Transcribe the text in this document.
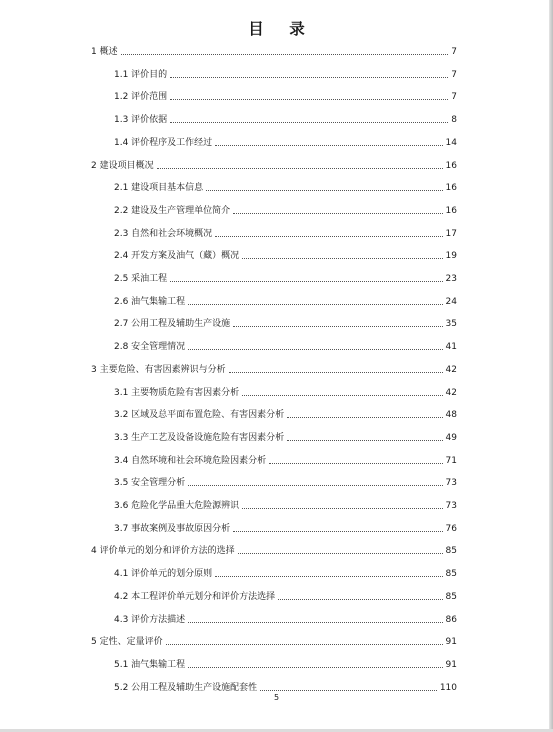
目 录
1 概述	7
1.1 评价目的	7
1.2 评价范围	7
1.3 评价依据	8
1.4 评价程序及工作经过	14
2 建设项目概况	16
2.1 建设项目基本信息	16
2.2 建设及生产管理单位简介	16
2.3 自然和社会环境概况	17
2.4 开发方案及油气（藏）概况	19
2.5 采油工程	23
2.6 油气集输工程	24
2.7 公用工程及辅助生产设施	35
2.8 安全管理情况	41
3 主要危险、有害因素辨识与分析	42
3.1 主要物质危险有害因素分析	42
3.2 区域及总平面布置危险、有害因素分析	48
3.3 生产工艺及设备设施危险有害因素分析	49
3.4 自然环境和社会环境危险因素分析	71
3.5 安全管理分析	73
3.6 危险化学品重大危险源辨识	73
3.7 事故案例及事故原因分析	76
4 评价单元的划分和评价方法的选择	85
4.1 评价单元的划分原则	85
4.2 本工程评价单元划分和评价方法选择	85
4.3 评价方法描述	86
5 定性、定量评价	91
5.1 油气集输工程	91
5.2 公用工程及辅助生产设施配套性	110
5
